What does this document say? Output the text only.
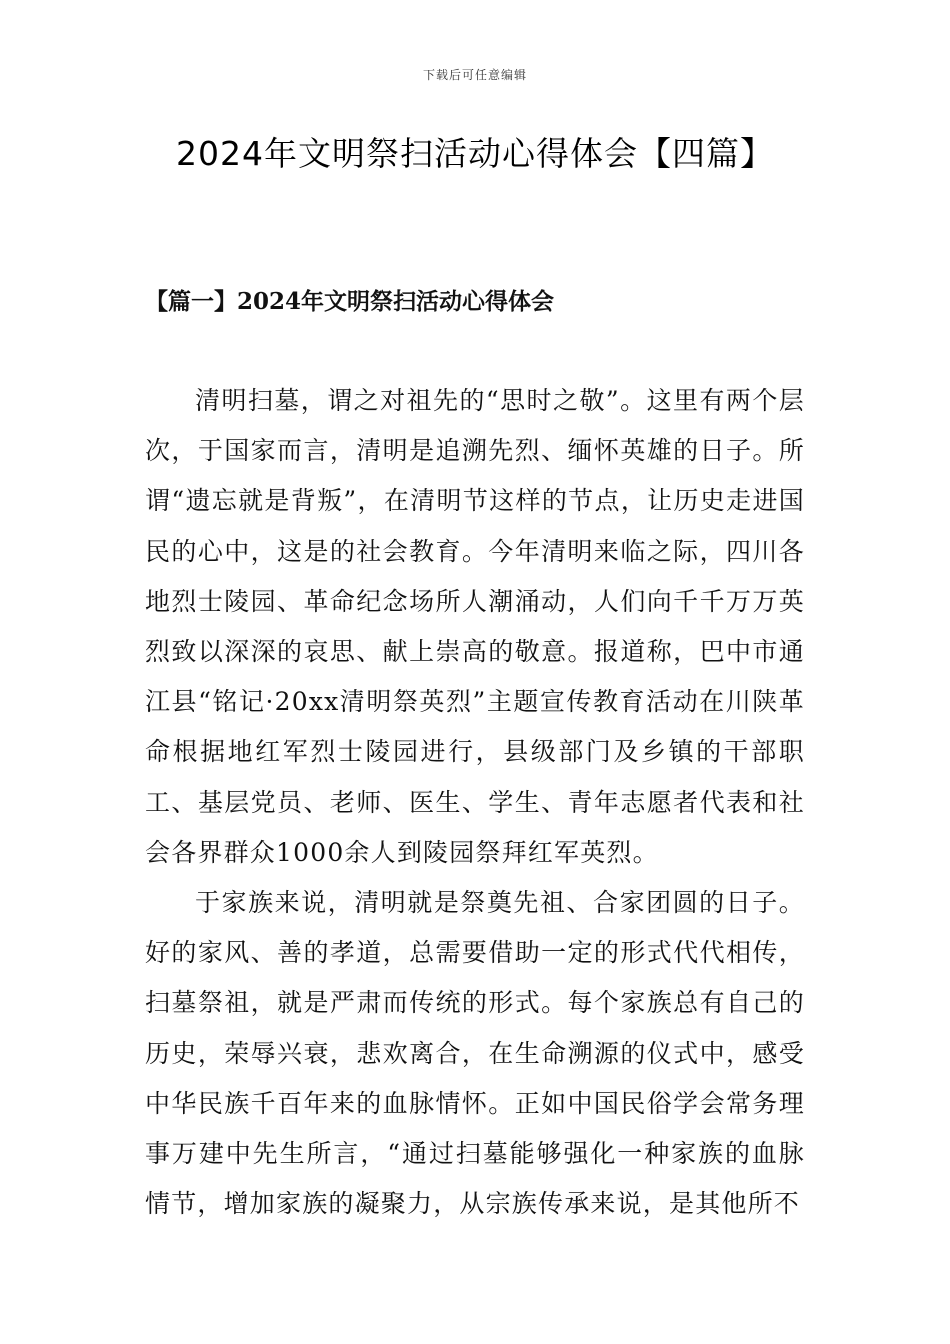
下载后可任意编辑
2024年文明祭扫活动心得体会【四篇】
【篇一】2024年文明祭扫活动心得体会

清明扫墓，谓之对祖先的“思时之敬”。这里有两个层次，于国家而言，清明是追溯先烈、缅怀英雄的日子。所谓“遗忘就是背叛”，在清明节这样的节点，让历史走进国民的心中，这是的社会教育。今年清明来临之际，四川各地烈士陵园、革命纪念场所人潮涌动，人们向千千万万英烈致以深深的哀思、献上崇高的敬意。报道称，巴中市通江县“铭记·20xx清明祭英烈”主题宣传教育活动在川陕革命根据地红军烈士陵园进行，县级部门及乡镇的干部职工、基层党员、老师、医生、学生、青年志愿者代表和社会各界群众1000余人到陵园祭拜红军英烈。

于家族来说，清明就是祭奠先祖、合家团圆的日子。好的家风、善的孝道，总需要借助一定的形式代代相传，扫墓祭祖，就是严肃而传统的形式。每个家族总有自己的历史，荣辱兴衰，悲欢离合，在生命溯源的仪式中，感受中华民族千百年来的血脉情怀。正如中国民俗学会常务理事万建中先生所言，“通过扫墓能够强化一种家族的血脉情节，增加家族的凝聚力，从宗族传承来说，是其他所不
